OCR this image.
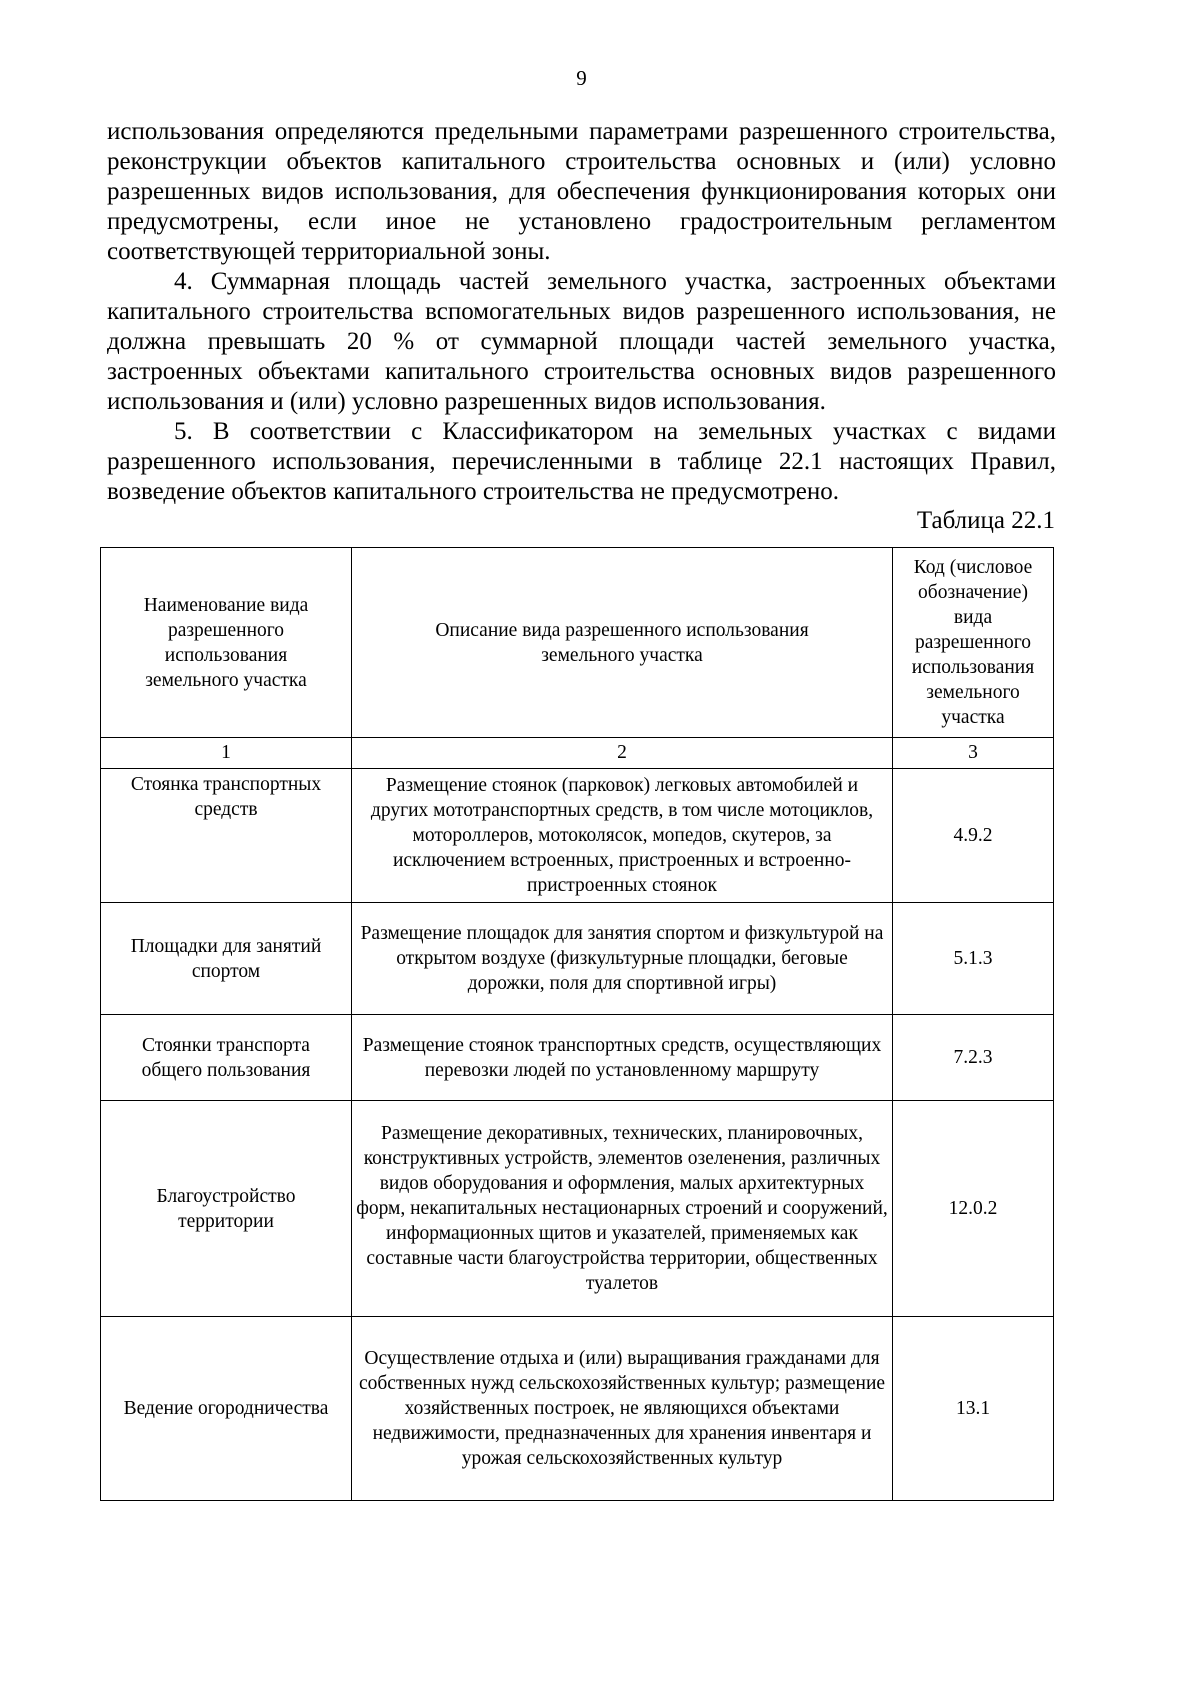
9

использования определяются предельными параметрами разрешенного строительства, реконструкции объектов капитального строительства основных и (или) условно разрешенных видов использования, для обеспечения функционирования которых они предусмотрены, если иное не установлено градостроительным регламентом соответствующей территориальной зоны.

4. Суммарная площадь частей земельного участка, застроенных объектами капитального строительства вспомогательных видов разрешенного использования, не должна превышать 20 % от суммарной площади частей земельного участка, застроенных объектами капитального строительства основных видов разрешенного использования и (или) условно разрешенных видов использования.

5. В соответствии с Классификатором на земельных участках с видами разрешенного использования, перечисленными в таблице 22.1 настоящих Правил, возведение объектов капитального строительства не предусмотрено.

Таблица 22.1
Наименование вида разрешенного использования земельного участка	Описание вида разрешенного использования земельного участка	Код (числовое обозначение) вида разрешенного использования земельного участка
1	2	3
Стоянка транспортных средств	Размещение стоянок (парковок) легковых автомобилей и других мототранспортных средств, в том числе мотоциклов, мотороллеров, мотоколясок, мопедов, скутеров, за исключением встроенных, пристроенных и встроенно-пристроенных стоянок	4.9.2
Площадки для занятий спортом	Размещение площадок для занятия спортом и физкультурой на открытом воздухе (физкультурные площадки, беговые дорожки, поля для спортивной игры)	5.1.3
Стоянки транспорта общего пользования	Размещение стоянок транспортных средств, осуществляющих перевозки людей по установленному маршруту	7.2.3
Благоустройство территории	Размещение декоративных, технических, планировочных, конструктивных устройств, элементов озеленения, различных видов оборудования и оформления, малых архитектурных форм, некапитальных нестационарных строений и сооружений, информационных щитов и указателей, применяемых как составные части благоустройства территории, общественных туалетов	12.0.2
Ведение огородничества	Осуществление отдыха и (или) выращивания гражданами для собственных нужд сельскохозяйственных культур; размещение хозяйственных построек, не являющихся объектами недвижимости, предназначенных для хранения инвентаря и урожая сельскохозяйственных культур	13.1
